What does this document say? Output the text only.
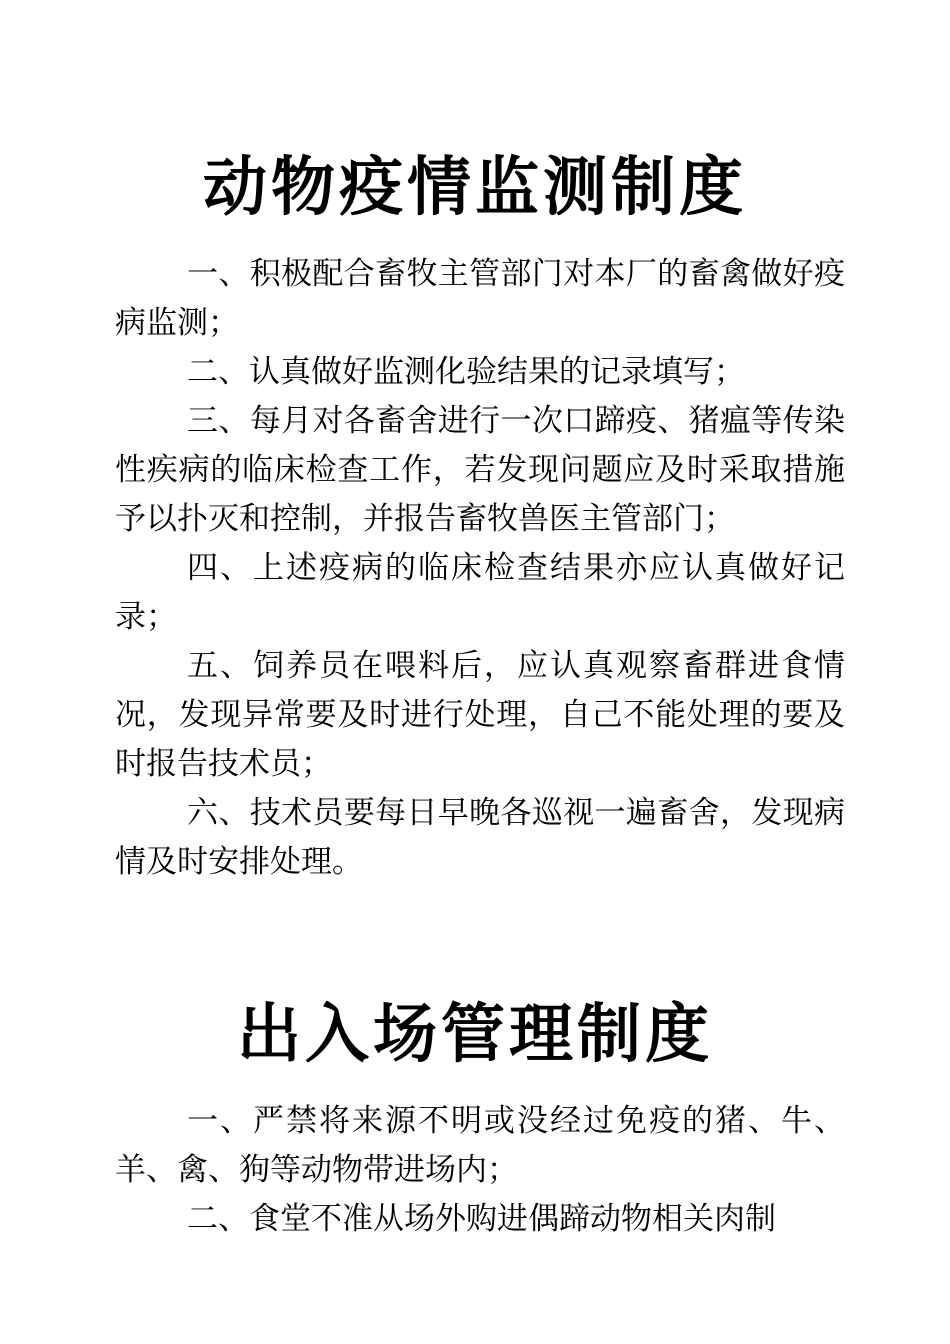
动物疫情监测制度

一、积极配合畜牧主管部门对本厂的畜禽做好疫病监测；

二、认真做好监测化验结果的记录填写；

三、每月对各畜舍进行一次口蹄疫、猪瘟等传染性疾病的临床检查工作，若发现问题应及时采取措施予以扑灭和控制，并报告畜牧兽医主管部门；

四、上述疫病的临床检查结果亦应认真做好记录；

五、饲养员在喂料后，应认真观察畜群进食情况，发现异常要及时进行处理，自己不能处理的要及时报告技术员；

六、技术员要每日早晚各巡视一遍畜舍，发现病情及时安排处理。

出入场管理制度

一、严禁将来源不明或没经过免疫的猪、牛、羊、禽、狗等动物带进场内；

二、食堂不准从场外购进偶蹄动物相关肉制
